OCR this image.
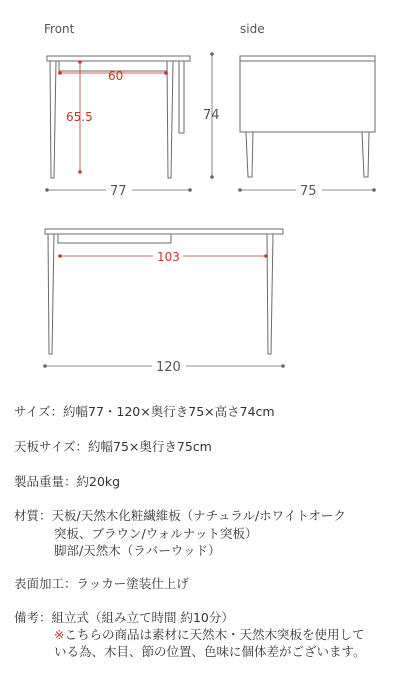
Front
60
65.5	74
77
side
75
103
120
サイズ：約幅77・120×奥行き75×高さ74cm
天板サイズ：約幅75×奥行き75cm
製品重量：約20kg
材質：天板/天然木化粧繊維板（ナチュラル/ホワイトオーク
突板、ブラウン/ウォルナット突板）
脚部/天然木（ラバーウッド）
表面加工：ラッカー塗装仕上げ
備考：組立式（組み立て時間 約10分）
※こちらの商品は素材に天然木・天然木突板を使用して
いる為、木目、節の位置、色味に個体差がございます。
